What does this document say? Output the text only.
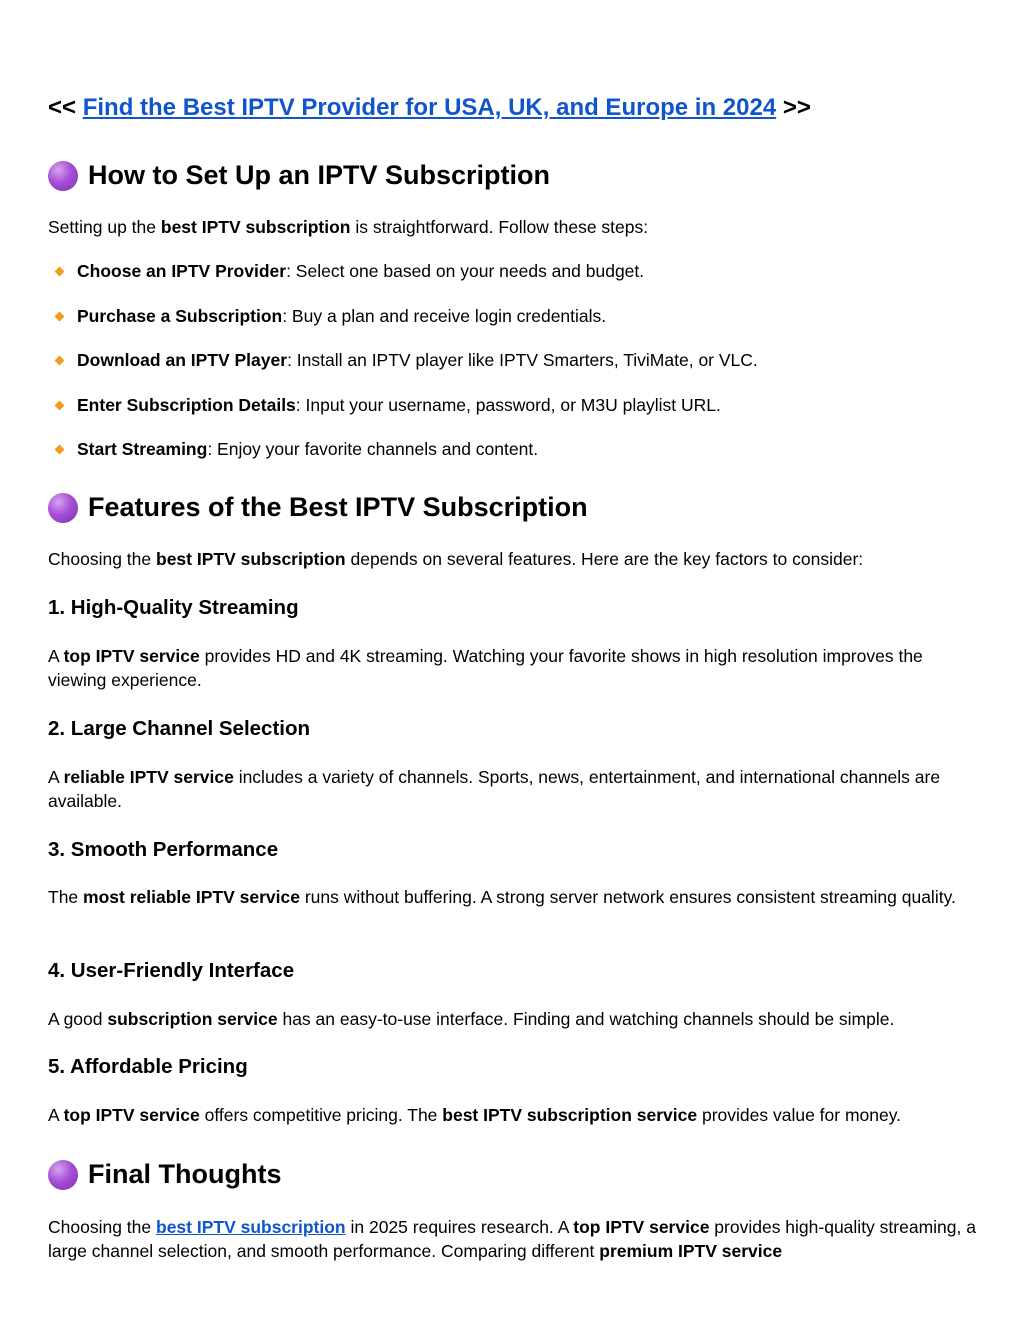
<< Find the Best IPTV Provider for USA, UK, and Europe in 2024 >>
How to Set Up an IPTV Subscription
Setting up the best IPTV subscription is straightforward. Follow these steps:
Choose an IPTV Provider: Select one based on your needs and budget.
Purchase a Subscription: Buy a plan and receive login credentials.
Download an IPTV Player: Install an IPTV player like IPTV Smarters, TiviMate, or VLC.
Enter Subscription Details: Input your username, password, or M3U playlist URL.
Start Streaming: Enjoy your favorite channels and content.
Features of the Best IPTV Subscription
Choosing the best IPTV subscription depends on several features. Here are the key factors to consider:
1. High-Quality Streaming
A top IPTV service provides HD and 4K streaming. Watching your favorite shows in high resolution improves the viewing experience.
2. Large Channel Selection
A reliable IPTV service includes a variety of channels. Sports, news, entertainment, and international channels are available.
3. Smooth Performance
The most reliable IPTV service runs without buffering. A strong server network ensures consistent streaming quality.
4. User-Friendly Interface
A good subscription service has an easy-to-use interface. Finding and watching channels should be simple.
5. Affordable Pricing
A top IPTV service offers competitive pricing. The best IPTV subscription service provides value for money.
Final Thoughts
Choosing the best IPTV subscription in 2025 requires research. A top IPTV service provides high-quality streaming, a large channel selection, and smooth performance. Comparing different premium IPTV service
